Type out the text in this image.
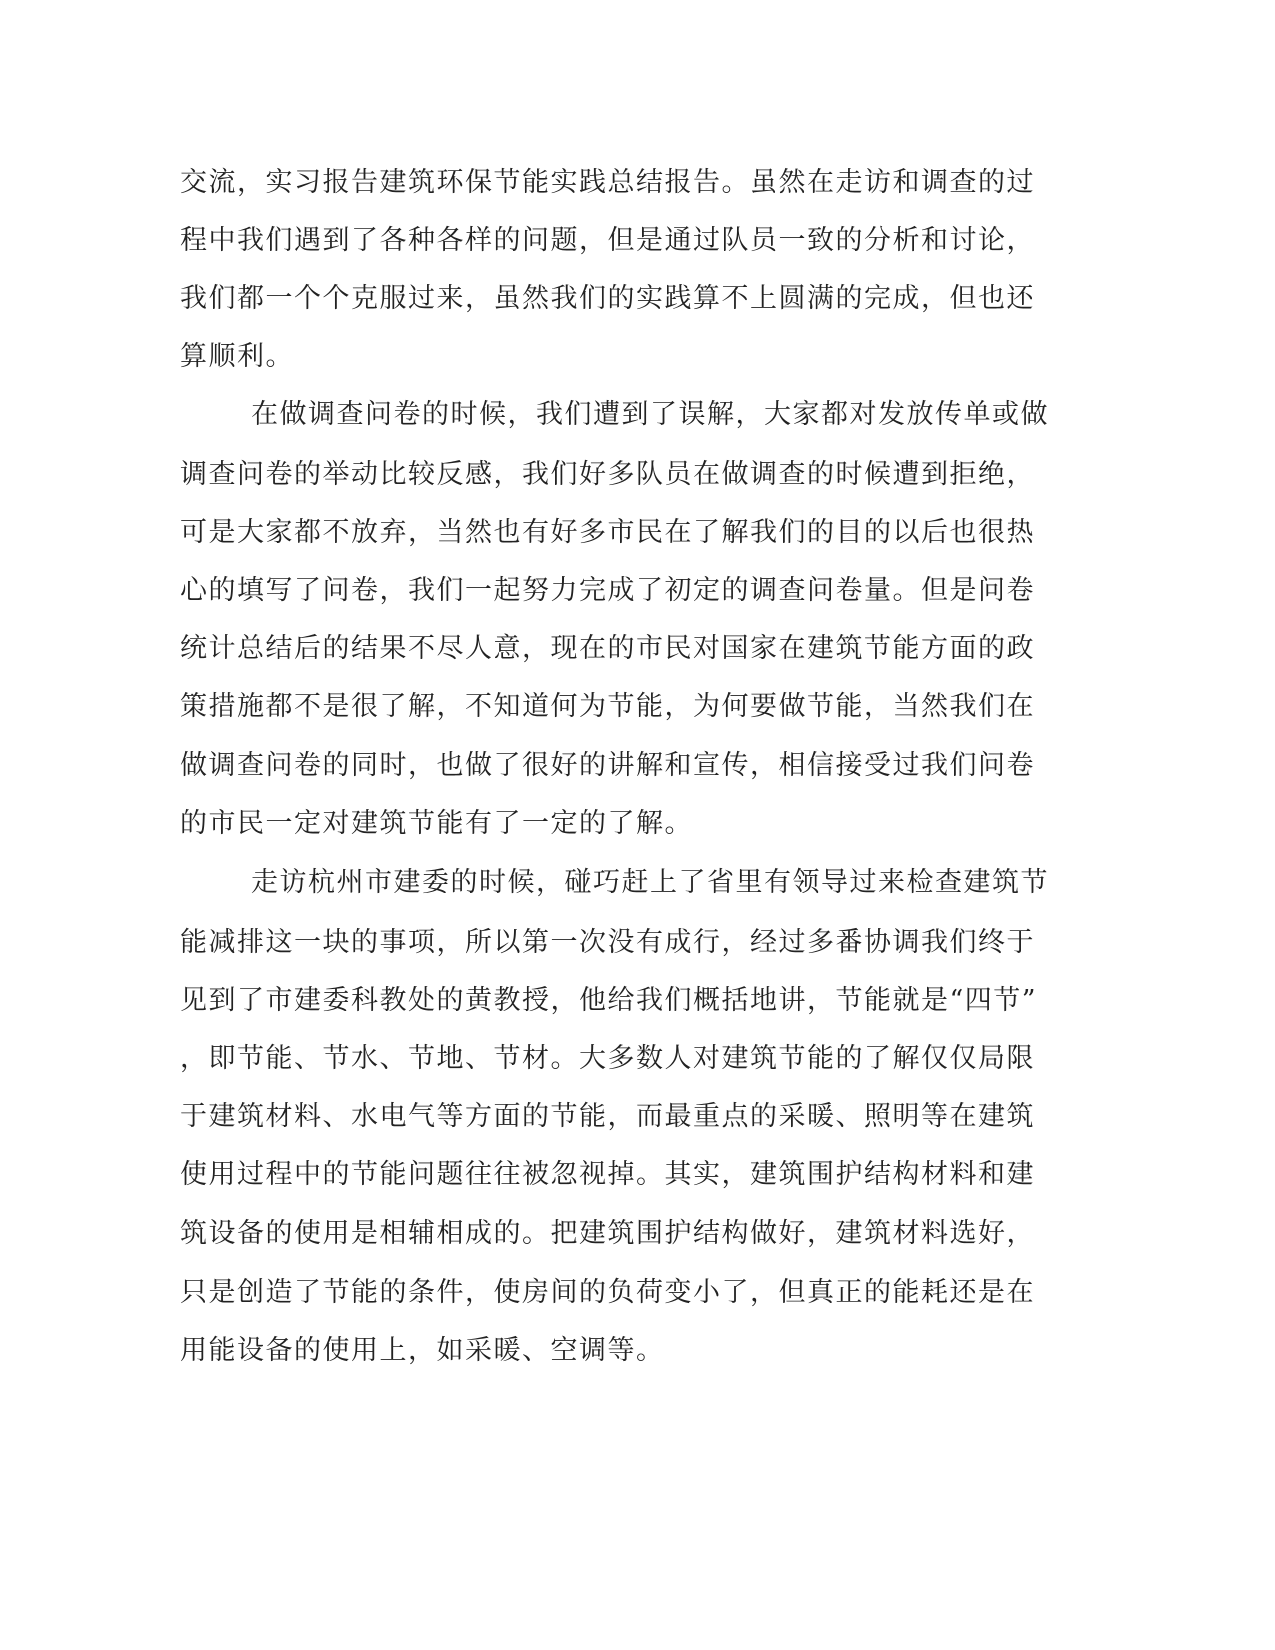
交流，实习报告建筑环保节能实践总结报告。虽然在走访和调查的过
程中我们遇到了各种各样的问题，但是通过队员一致的分析和讨论，
我们都一个个克服过来，虽然我们的实践算不上圆满的完成，但也还
算顺利。
在做调查问卷的时候，我们遭到了误解，大家都对发放传单或做
调查问卷的举动比较反感，我们好多队员在做调查的时候遭到拒绝，
可是大家都不放弃，当然也有好多市民在了解我们的目的以后也很热
心的填写了问卷，我们一起努力完成了初定的调查问卷量。但是问卷
统计总结后的结果不尽人意，现在的市民对国家在建筑节能方面的政
策措施都不是很了解，不知道何为节能，为何要做节能，当然我们在
做调查问卷的同时，也做了很好的讲解和宣传，相信接受过我们问卷
的市民一定对建筑节能有了一定的了解。
走访杭州市建委的时候，碰巧赶上了省里有领导过来检查建筑节
能减排这一块的事项，所以第一次没有成行，经过多番协调我们终于
见到了市建委科教处的黄教授，他给我们概括地讲，节能就是“四节”
，即节能、节水、节地、节材。大多数人对建筑节能的了解仅仅局限
于建筑材料、水电气等方面的节能，而最重点的采暖、照明等在建筑
使用过程中的节能问题往往被忽视掉。其实，建筑围护结构材料和建
筑设备的使用是相辅相成的。把建筑围护结构做好，建筑材料选好，
只是创造了节能的条件，使房间的负荷变小了，但真正的能耗还是在
用能设备的使用上，如采暖、空调等。
